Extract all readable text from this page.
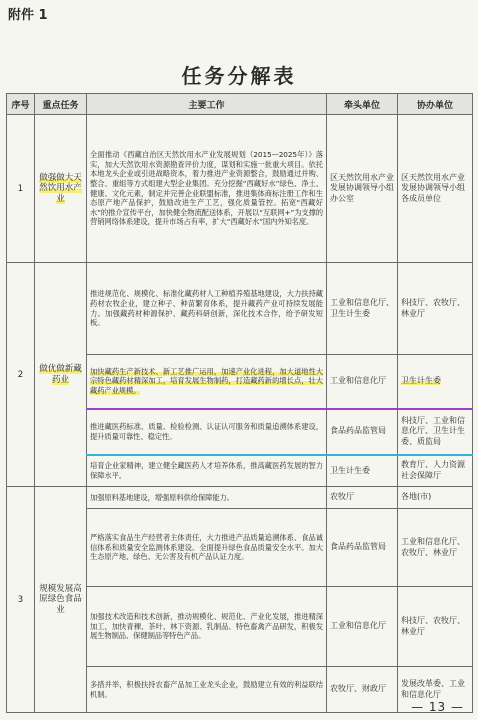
附件 1
任务分解表
序号	重点任务	主要工作	牵头单位	协办单位
1	做强做大天然饮用水产业	全面推动《西藏自治区天然饮用水产业发展规划（2015—2025年）》落实，加大天然饮用水资源勘查评价力度，谋划和实施一批重大项目。依托本地龙头企业或引进战略资本，着力推进产业资源整合，鼓励通过并购、整合、重组等方式组建大型企业集团。充分挖掘“西藏好水”绿色、净土、健康、文化元素，制定并完善企业联盟标准，推进集体商标注册工作和生态原产地产品保护，鼓励改进生产工艺，强化质量管控。拓宽“西藏好水”的推介宣传平台，加快健全物流配送体系，开展以“互联网+”为支撑的营销网络体系建设，提升市场占有率，扩大“西藏好水”国内外知名度。	区天然饮用水产业发展协调领导小组办公室	区天然饮用水产业发展协调领导小组各成员单位
2	做优做新藏药业	推进规范化、规模化、标准化藏药材人工种植养殖基地建设，大力扶持藏药材农牧企业，建立种子、种苗繁育体系，提升藏药产业可持续发展能力。加强藏药材种源保护、藏药科研创新，深化技术合作，给予研发短板。	工业和信息化厅、卫生计生委	科技厅、农牧厅、林业厅
		加快藏药生产新技术、新工艺推广运用，加速产业化进程，加大道地性大宗特色藏药材精深加工，培育发展生物制药，打造藏药新的增长点，壮大藏药产业规模。	工业和信息化厅	卫生计生委
		推进藏医药标准、质量、检验检测、认证认可服务和质量追溯体系建设，提升质量可靠性、稳定性。	食品药品监管局	科技厅、工业和信息化厅、卫生计生委、质监局
		培育企业家精神，建立健全藏医药人才培养体系，推高藏医药发展的智力保障水平。	卫生计生委	教育厅、人力资源社会保障厅
3	规模发展高原绿色食品业	加强原料基地建设，增强原料供给保障能力。	农牧厅	各地(市)
		严格落实食品生产经营者主体责任，大力推进产品质量追溯体系、食品诚信体系和质量安全监测体系建设。全面提升绿色食品质量安全水平。加大生态原产地、绿色、无公害及有机产品认证力度。	食品药品监管局	工业和信息化厅、农牧厅、林业厅
		加强技术改造和技术创新，推动规模化、规范化、产业化发展，推进精深加工，加快青稞、茶叶、林下资源、乳制品、特色畜禽产品研发，积极发展生物制品、保健制品等特色产品。	工业和信息化厅	科技厅、农牧厅、林业厅
		多措并举，积极扶持农畜产品加工业龙头企业，鼓励建立有效的利益联结机制。	农牧厅、财政厅	发展改革委、工业和信息化厅
— 13 —
